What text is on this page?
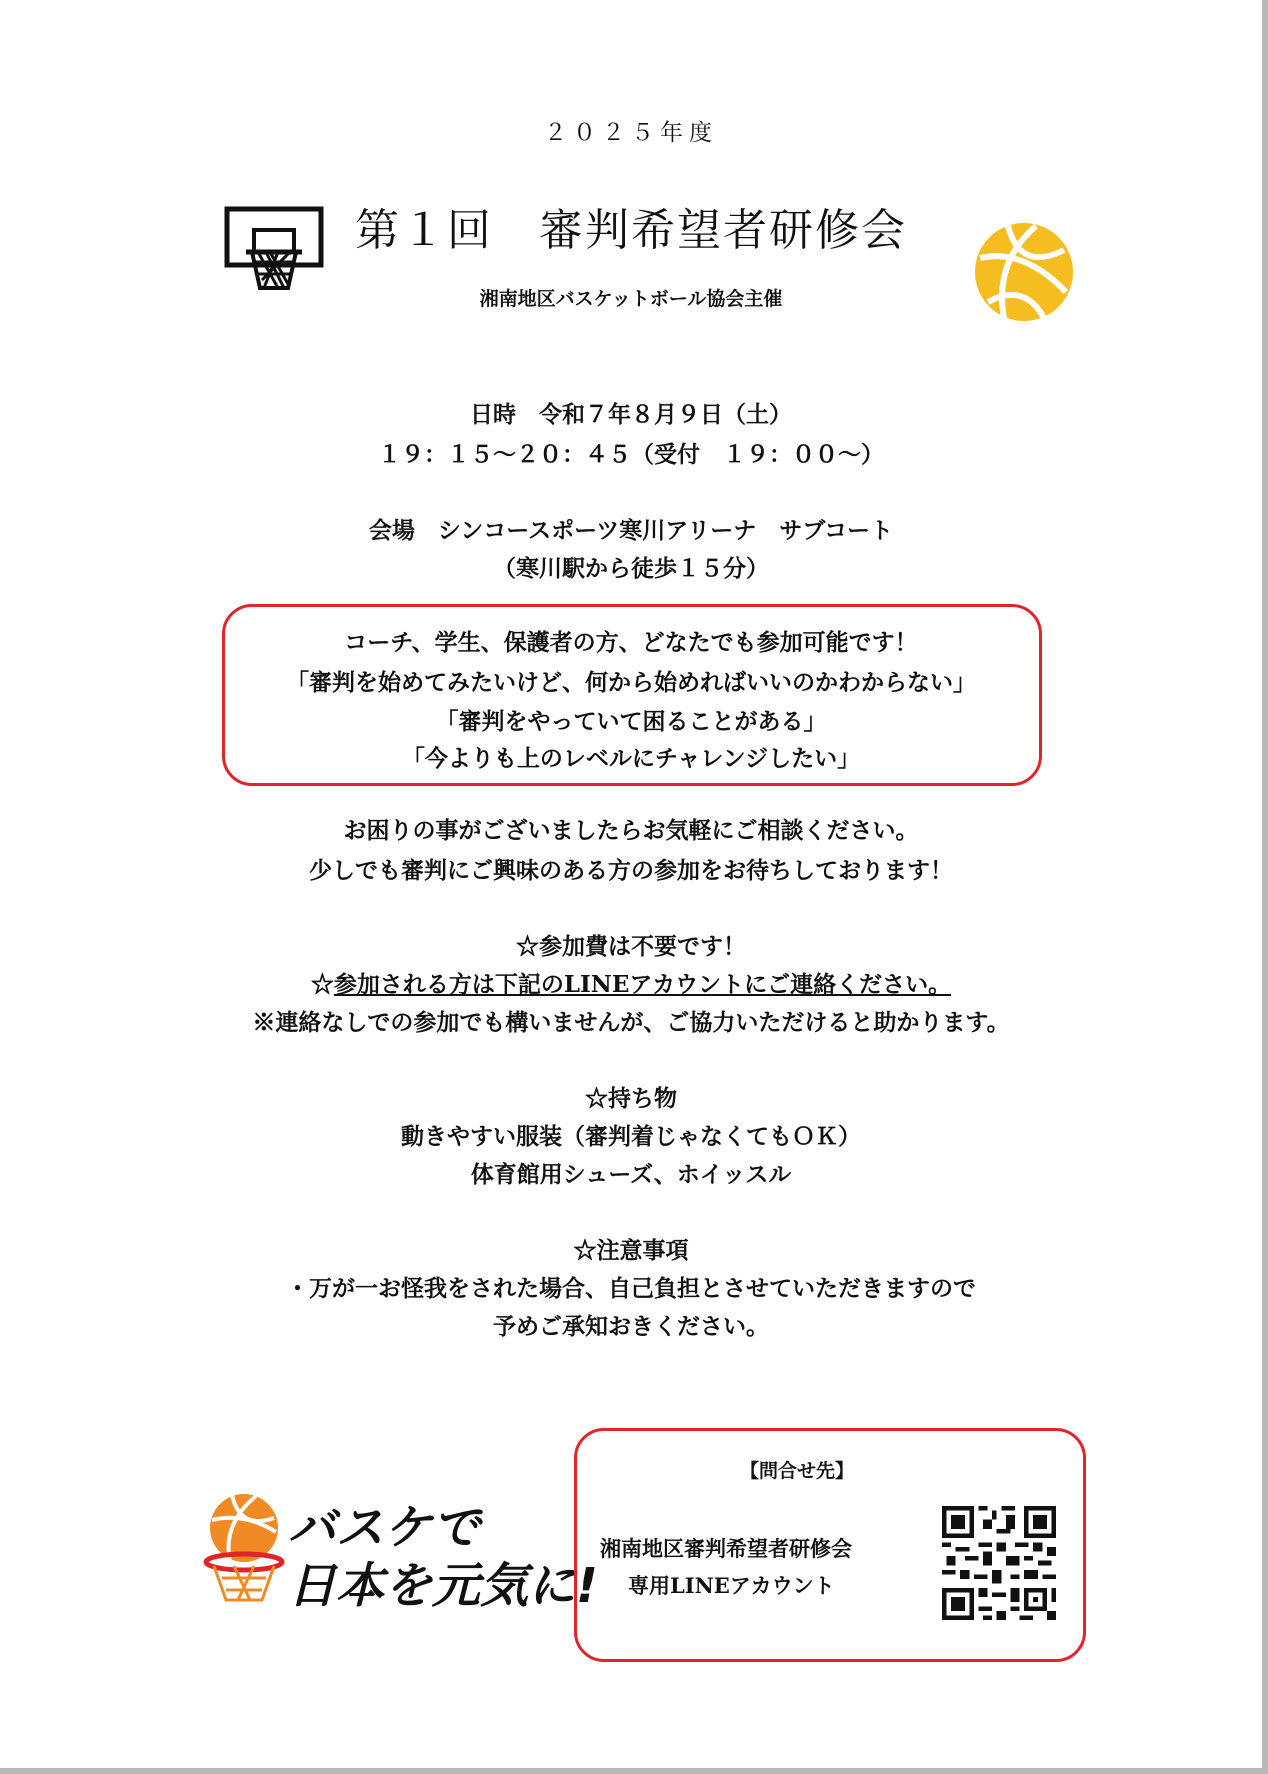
２０２５年度
第１回　審判希望者研修会
湘南地区バスケットボール協会主催
日時　令和７年８月９日（土）
１９：１５～２０：４５（受付　１９：００～）
会場　シンコースポーツ寒川アリーナ　サブコート
（寒川駅から徒歩１５分）
コーチ、学生、保護者の方、どなたでも参加可能です！
「審判を始めてみたいけど、何から始めればいいのかわからない」
「審判をやっていて困ることがある」
「今よりも上のレベルにチャレンジしたい」
お困りの事がございましたらお気軽にご相談ください。
少しでも審判にご興味のある方の参加をお待ちしております！
☆参加費は不要です！
☆参加される方は下記のLINEアカウントにご連絡ください。
※連絡なしでの参加でも構いませんが、ご協力いただけると助かります。
☆持ち物
動きやすい服装（審判着じゃなくてもＯＫ）
体育館用シューズ、ホイッスル
☆注意事項
・万が一お怪我をされた場合、自己負担とさせていただきますので
予めご承知おきください。
バスケで
日本を元気に!
【問合せ先】
湘南地区審判希望者研修会
専用LINEアカウント
